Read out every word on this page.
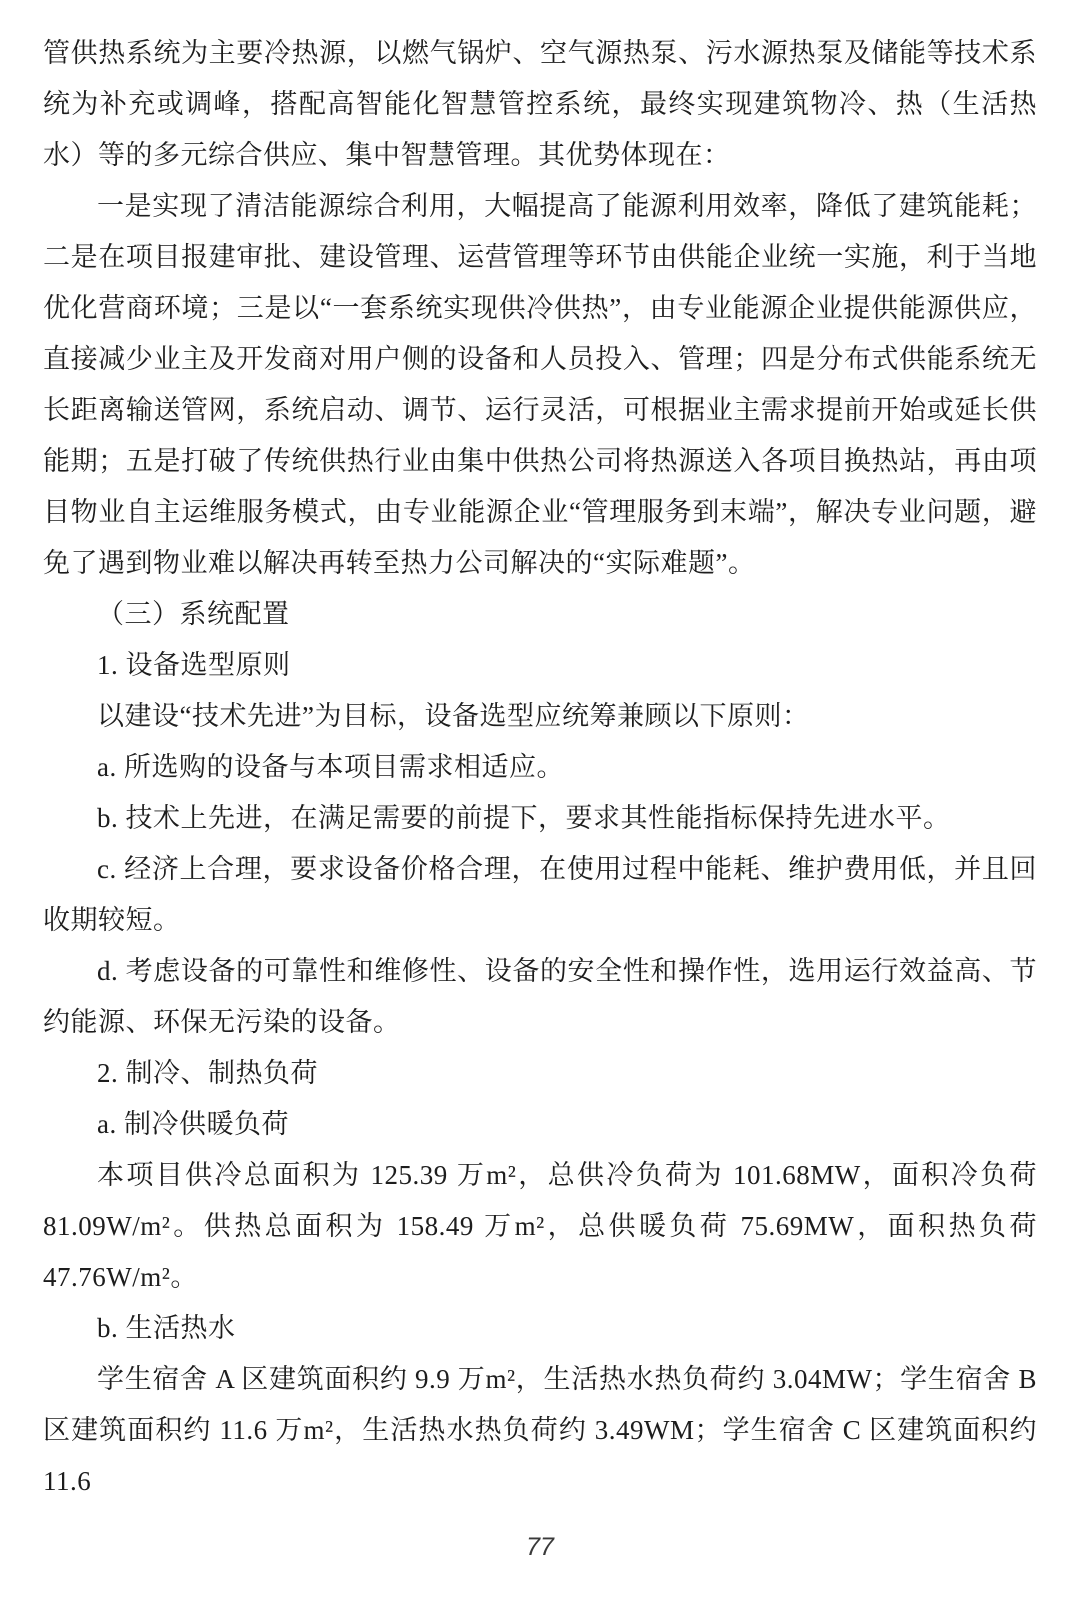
管供热系统为主要冷热源，以燃气锅炉、空气源热泵、污水源热泵及储能等技术系统为补充或调峰，搭配高智能化智慧管控系统，最终实现建筑物冷、热（生活热水）等的多元综合供应、集中智慧管理。其优势体现在：

一是实现了清洁能源综合利用，大幅提高了能源利用效率，降低了建筑能耗；二是在项目报建审批、建设管理、运营管理等环节由供能企业统一实施，利于当地优化营商环境；三是以“一套系统实现供冷供热”，由专业能源企业提供能源供应，直接减少业主及开发商对用户侧的设备和人员投入、管理；四是分布式供能系统无长距离输送管网，系统启动、调节、运行灵活，可根据业主需求提前开始或延长供能期；五是打破了传统供热行业由集中供热公司将热源送入各项目换热站，再由项目物业自主运维服务模式，由专业能源企业“管理服务到末端”，解决专业问题，避免了遇到物业难以解决再转至热力公司解决的“实际难题”。

（三）系统配置

1. 设备选型原则

以建设“技术先进”为目标，设备选型应统筹兼顾以下原则：

a. 所选购的设备与本项目需求相适应。

b. 技术上先进，在满足需要的前提下，要求其性能指标保持先进水平。

c. 经济上合理，要求设备价格合理，在使用过程中能耗、维护费用低，并且回收期较短。

d. 考虑设备的可靠性和维修性、设备的安全性和操作性，选用运行效益高、节约能源、环保无污染的设备。

2. 制冷、制热负荷

a. 制冷供暖负荷

本项目供冷总面积为 125.39 万m²，总供冷负荷为 101.68MW，面积冷负荷 81.09W/m²。供热总面积为 158.49 万m²，总供暖负荷 75.69MW，面积热负荷 47.76W/m²。

b. 生活热水

学生宿舍 A 区建筑面积约 9.9 万m²，生活热水热负荷约 3.04MW；学生宿舍 B 区建筑面积约 11.6 万m²，生活热水热负荷约 3.49WM；学生宿舍 C 区建筑面积约 11.6

77
